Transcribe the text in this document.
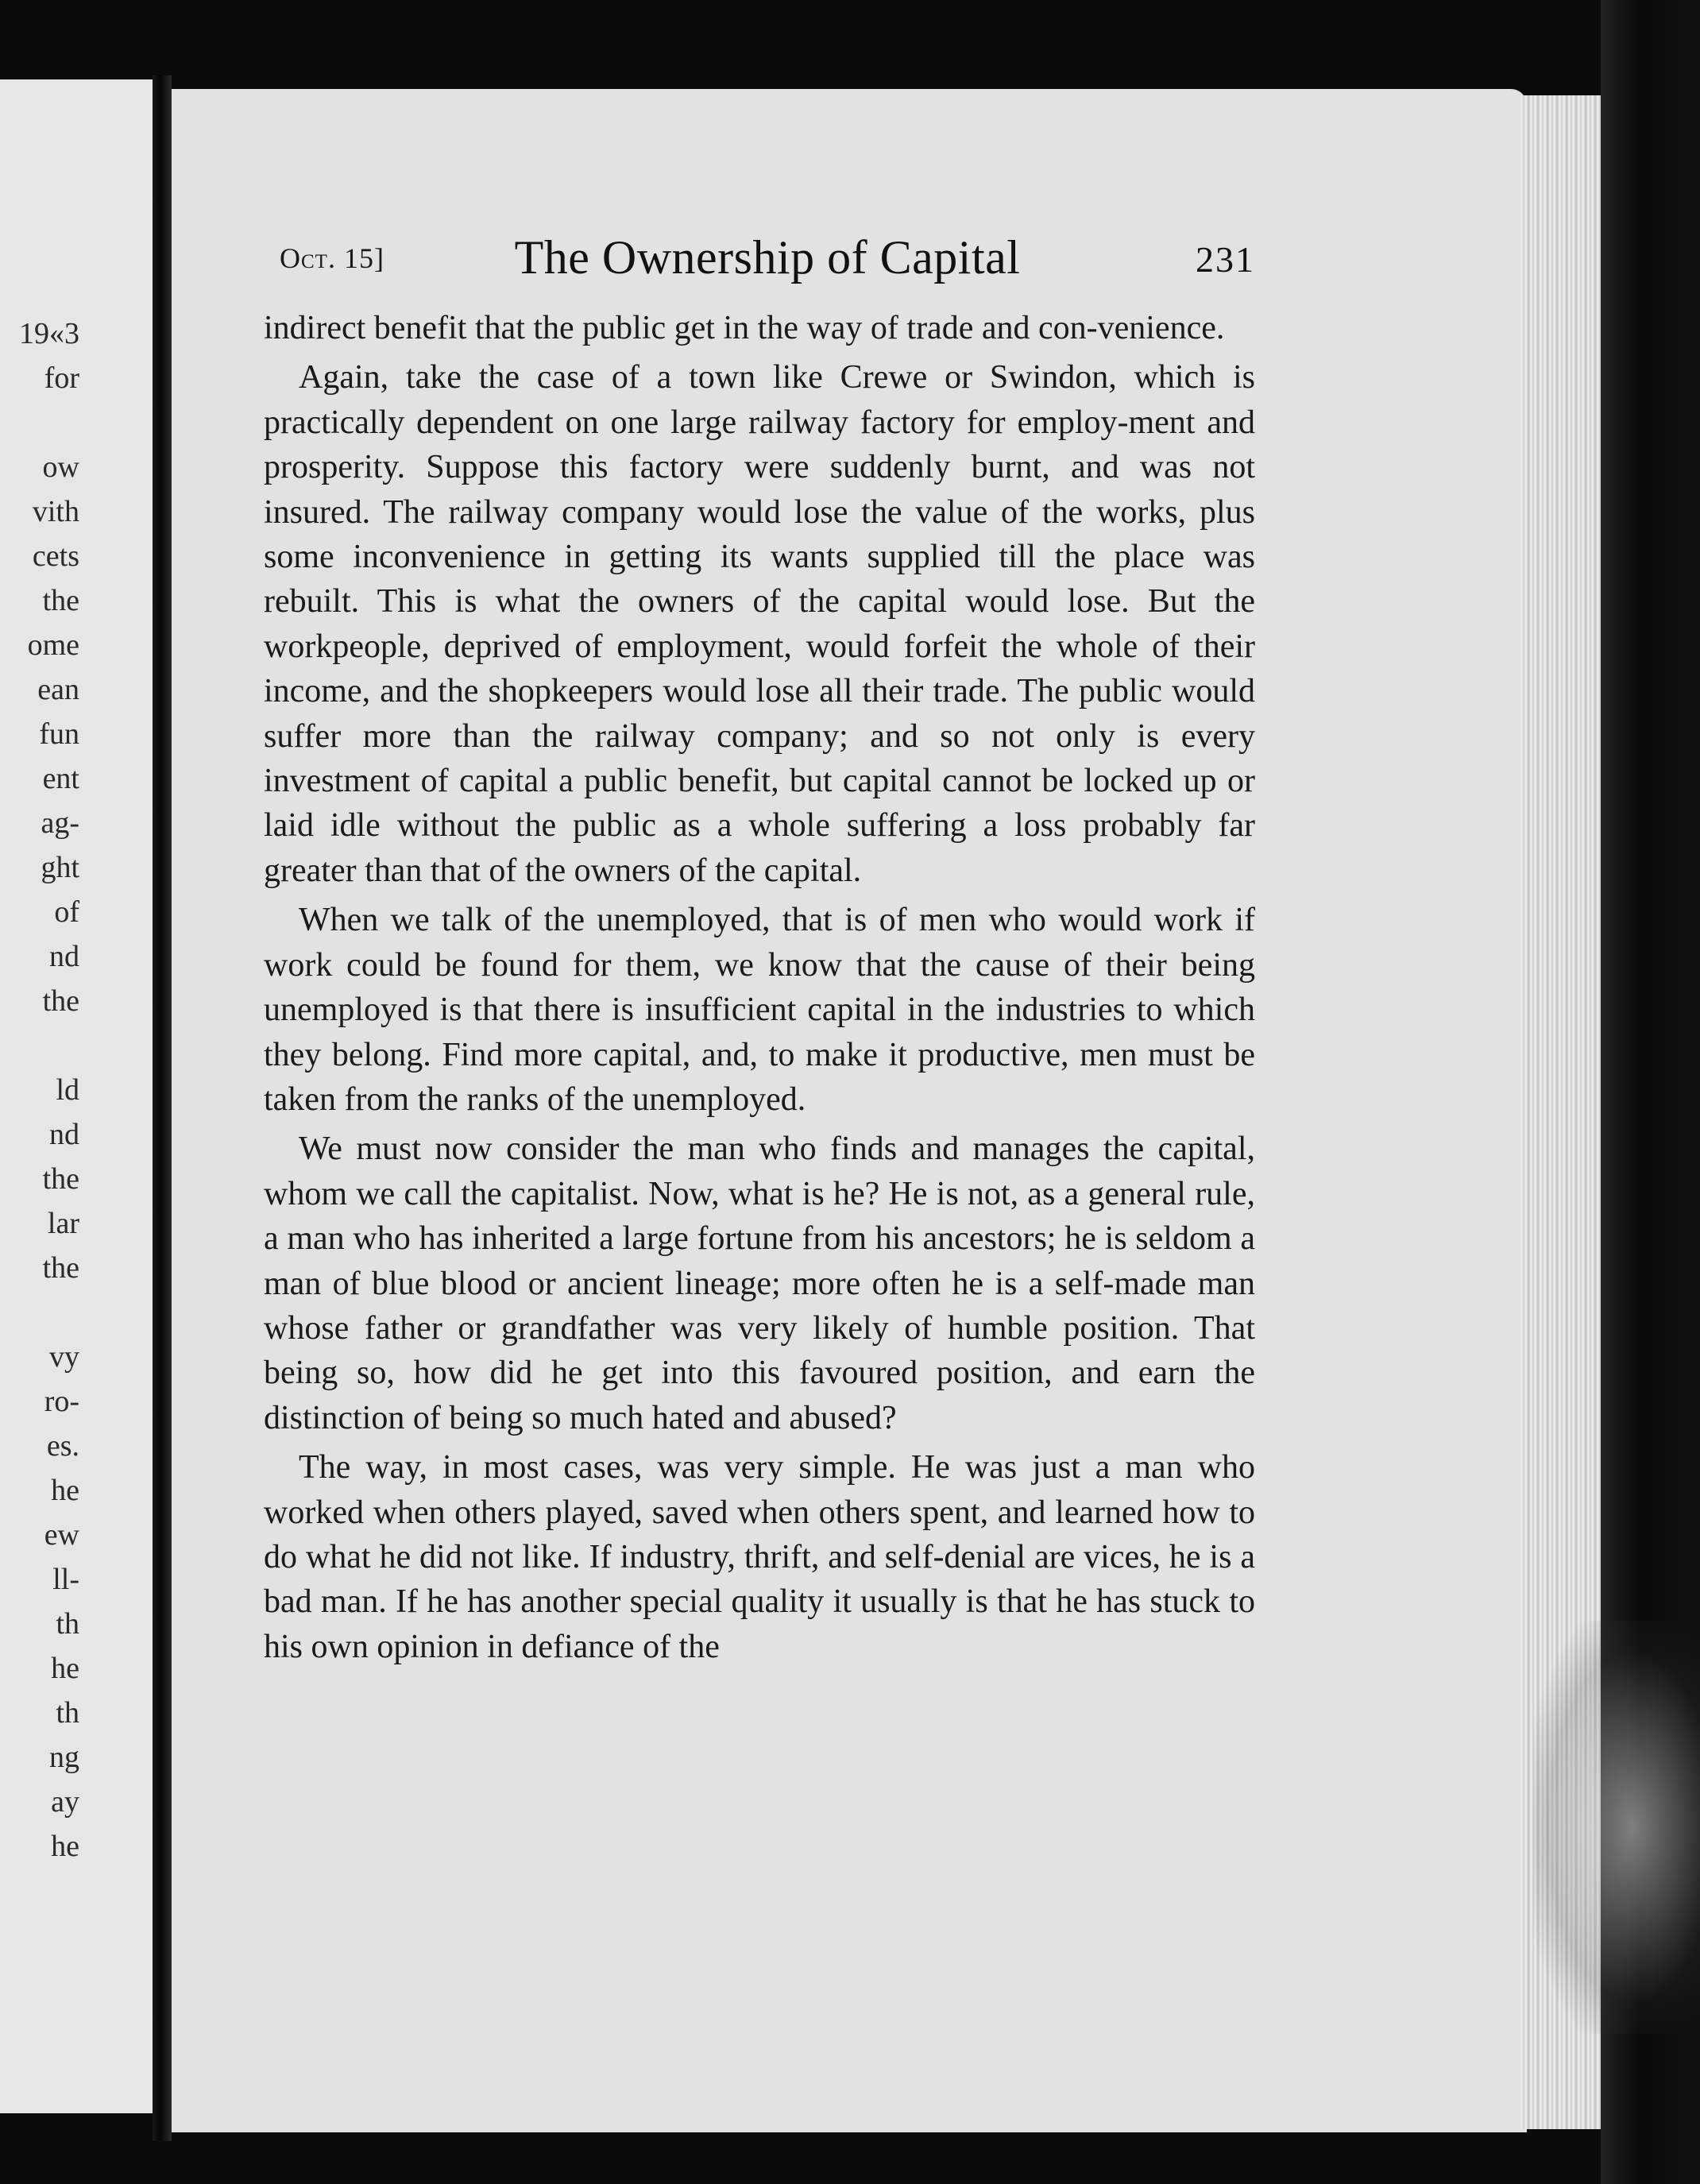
19«3
for
ow
vith
cets
the
ome
ean
fun
ent
ag-
ght
of
nd
the
ld
nd
the
lar
the
vy
ro-
es.
he
ew
ll-
th
he
th
ng
ay
he
Oct. 15]	The Ownership of Capital	231

indirect benefit that the public get in the way of trade and con-venience.

Again, take the case of a town like Crewe or Swindon, which is practically dependent on one large railway factory for employ-ment and prosperity. Suppose this factory were suddenly burnt, and was not insured. The railway company would lose the value of the works, plus some inconvenience in getting its wants supplied till the place was rebuilt. This is what the owners of the capital would lose. But the workpeople, deprived of employment, would forfeit the whole of their income, and the shopkeepers would lose all their trade. The public would suffer more than the railway company; and so not only is every investment of capital a public benefit, but capital cannot be locked up or laid idle without the public as a whole suffering a loss probably far greater than that of the owners of the capital.

When we talk of the unemployed, that is of men who would work if work could be found for them, we know that the cause of their being unemployed is that there is insufficient capital in the industries to which they belong. Find more capital, and, to make it productive, men must be taken from the ranks of the unemployed.

We must now consider the man who finds and manages the capital, whom we call the capitalist. Now, what is he? He is not, as a general rule, a man who has inherited a large fortune from his ancestors; he is seldom a man of blue blood or ancient lineage; more often he is a self-made man whose father or grandfather was very likely of humble position. That being so, how did he get into this favoured position, and earn the distinction of being so much hated and abused?

The way, in most cases, was very simple. He was just a man who worked when others played, saved when others spent, and learned how to do what he did not like. If industry, thrift, and self-denial are vices, he is a bad man. If he has another special quality it usually is that he has stuck to his own opinion in defiance of the
